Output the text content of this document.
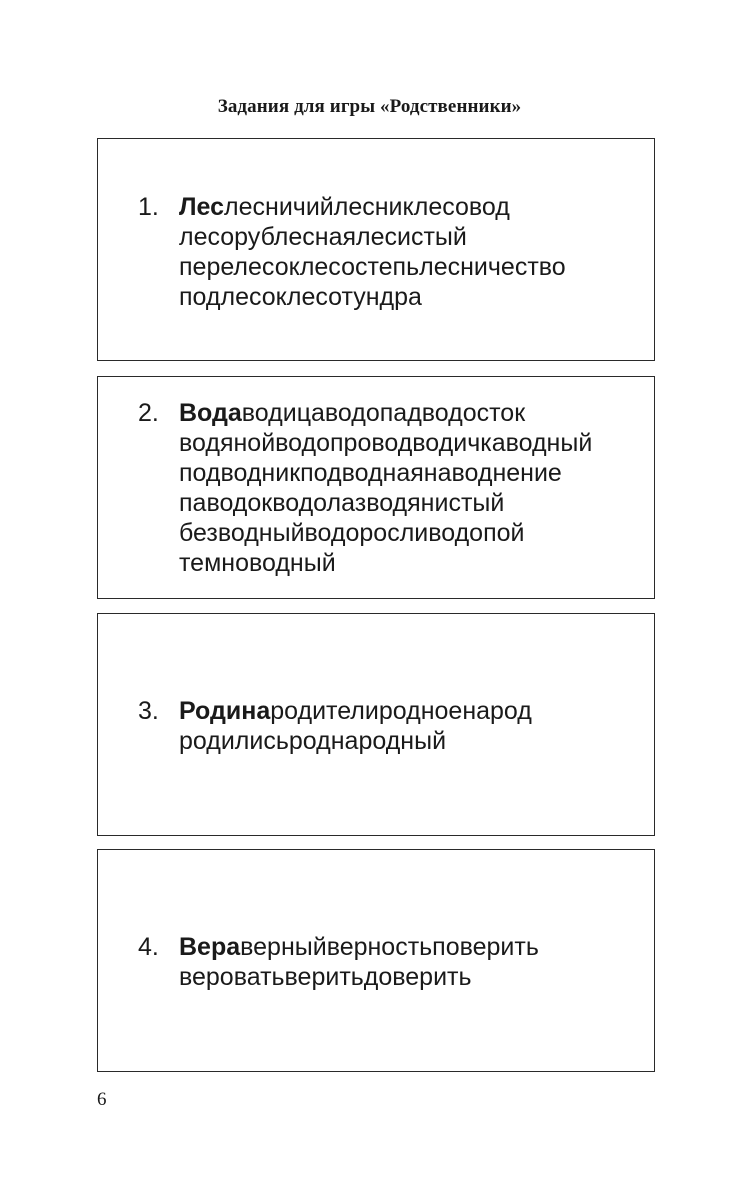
Задания для игры «Родственники»
1. Леслесничийлесниклесовод
лесорублеснаялесистый
перелесоклесостепьлесничество
подлесоклесотундра
2. Водаводицаводопадводосток
водянойводопроводводичкаводный
подводникподводнаянаводнение
паводокводолазводянистый
безводныйводоросливодопой
темноводный
3. Родинародителиродноенарод
родилисьроднародный
4. Вераверныйверностьповерить
вероватьверитьдоверить
6
